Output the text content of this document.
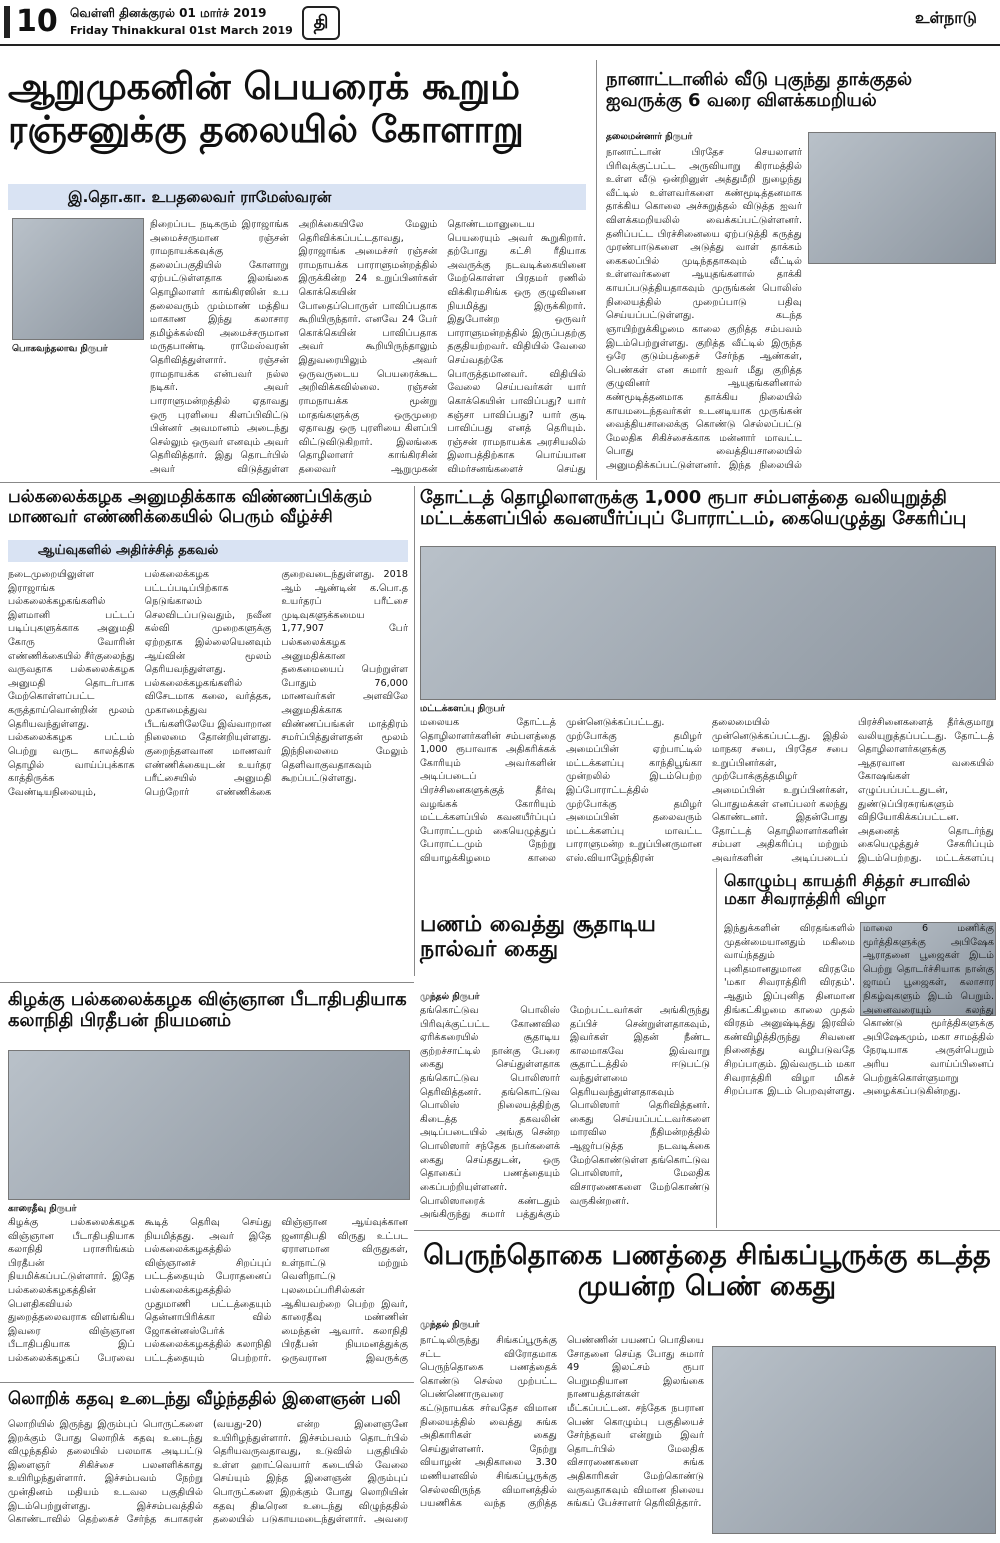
10 வெள்ளி தினக்குரல் 01 மார்ச் 2019
Friday Thinakkural 01st March 2019	தி	உள்நாடு
ஆறுமுகனின் பெயரைக் கூறும் ரஞ்சனுக்கு தலையில் கோளாறு
இ.தொ.கா. உபதலைவர் ராமேஸ்வரன்
பொகவந்தலாவ நிருபர்
நிறைப்பட நடிகரும் இராஜாங்க அமைச்சருமான ரஞ்சன் ராமநாயக்கவுக்கு தலைப்பகுதியில் கோளாறு ஏற்பட்டுள்ளதாக இலங்கை தொழிலாளர் காங்கிரஸின் உப தலைவரும் மும்மாண் மத்திய மாகாண இந்து கலாசார தமிழ்க்கல்வி அமைச்சருமான மருதபாண்டி ராமேஸ்வரன் தெரிவித்துள்ளார். ரஞ்சன் ராமநாயக்க என்பவர் நல்ல நடிகர். அவர் பாராளுமன்றத்தில் ஏதாவது ஒரு புரளியை கிளப்பிவிட்டு பின்னர் அவமானம் அடைந்து செல்லும் ஒருவர் எனவும் அவர் தெரிவித்தார். இது தொடர்பில் அவர் விடுத்துள்ள அறிக்கையிலே மேலும் தெரிவிக்கப்பட்டதாவது, இராஜாங்க அமைச்சர் ரஞ்சன் ராமநாயக்க பாராளுமன்றத்தில் இருக்கின்ற 24 உறுப்பினர்கள் கொக்கெயின் போதைப்பொருள் பாவிப்பதாக கூறியிருந்தார். எனவே 24 பேர் கொக்கெயின் பாவிப்பதாக அவர் கூறியிருந்தாலும் இதுவரையிலும் அவர் ஒருவருடைய பெயரைக்கூட அறிவிக்கவில்லை. ரஞ்சன் ராமநாயக்க மூன்று மாதங்களுக்கு ஒருமுறை ஏதாவது ஒரு புரளியை கிளப்பி விட்டுவிடுகிறார். இலங்கை தொழிலாளர் காங்கிரசின் தலைவர் ஆறுமுகன் தொண்டமானுடைய பெயரையும் அவர் கூறுகிறார். தற்போது கட்சி ரீதியாக அவருக்கு நடவடிக்கையினை மேற்கொள்ள பிரதமர் ரணில் விக்கிரமசிங்க ஒரு குழுவினை நியமித்து இருக்கிறார். இதுபோன்ற ஒருவர் பாராளுமன்றத்தில் இருப்பதற்கு தகுதியற்றவர். விதியில் வேலை செய்வதற்கே பொருத்தமானவர். விதியில் வேலை செய்பவர்கள் யார் கொக்கெயின் பாவிப்பது? யார் கஞ்சா பாவிப்பது? யார் குடி பாவிப்பது எனத் தெரியும். ரஞ்சன் ராமநாயக்க அரசியலில் இலாபத்திற்காக பொய்யான விமர்சனங்களைச் செய்து
நானாட்டானில் வீடு புகுந்து தாக்குதல் ஐவருக்கு 6 வரை விளக்கமறியல்
தலைமன்னார் நிருபர்
நானாட்டான் பிரதேச செயலாளர் பிரிவுக்குட்பட்ட அருவியாறு கிராமத்தில் உள்ள வீடு ஒன்றினுள் அத்துமீறி நுழைந்து வீட்டில் உள்ளவர்களை கண்மூடித்தனமாக தாக்கிய கொலை அச்சுறுத்தல் விடுத்த ஐவர் விளக்கமறியலில் வைக்கப்பட்டுள்ளனர். தனிப்பட்ட பிரச்சினையை ஏற்படுத்தி கருத்து முரண்பாடுகளை அடுத்து வாள் தாக்கம் கைகலப்பில் முடிந்ததாகவும் வீட்டில் உள்ளவர்களை ஆயுதங்களால் தாக்கி காயப்படுத்தியதாகவும் முருங்கன் பொலிஸ் நிலையத்தில் முறைப்பாடு பதிவு செய்யப்பட்டுள்ளது. கடந்த ஞாயிற்றுக்கிழமை காலை குறித்த சம்பவம் இடம்பெற்றுள்ளது. குறித்த வீட்டில் இருந்த ஒரே குடும்பத்தைச் சேர்ந்த ஆண்கள், பெண்கள் என சுமார் ஐவர் மீது குறித்த குழுவினர் ஆயுதங்களினால் கண்மூடித்தனமாக தாக்கிய நிலையில் காயமடைந்தவர்கள் உடனடியாக முருங்கன் வைத்தியசாலைக்கு கொண்டு செல்லப்பட்டு மேலதிக சிகிச்சைக்காக மன்னார் மாவட்ட பொது வைத்தியசாலையில் அனுமதிக்கப்பட்டுள்ளனர். இந்த நிலையில்
பல்கலைக்கழக அனுமதிக்காக விண்ணப்பிக்கும் மாணவர் எண்ணிக்கையில் பெரும் வீழ்ச்சி
ஆய்வுகளில் அதிர்ச்சித் தகவல்
நடைமுறையிலுள்ள இராஜாங்க பல்கலைக்கழகங்களில் இளமானி பட்டப் படிப்புகளுக்காக அனுமதி கோரு வோரின் எண்ணிக்கையில் சீர்குலைந்து வருவதாக பல்கலைக்கழக அனுமதி தொடர்பாக மேற்கொள்ளப்பட்ட கருத்தாய்வொன்றின் மூலம் தெரியவந்துள்ளது. பல்கலைக்கழக பட்டம் பெற்று வருட காலத்தில் தொழில் வாய்ப்புக்காக காத்திருக்க வேண்டியநிலையும், பல்கலைக்கழக பட்டப்படிப்பிற்காக நெடுங்காலம் செலவிடப்படுவதும், நவீன கல்வி முறைகளுக்கு ஏற்றதாக இல்லையெனவும் ஆய்வின் மூலம் தெரியவந்துள்ளது. பல்கலைக்கழகங்களில் விசேடமாக கலை, வர்த்தக, முகாமைத்துவ பீடங்களிலேயே இவ்வாறான நிலைமை தோன்றியுள்ளது. குறைந்தளவான மாணவர் எண்ணிக்கையுடன் உயர்தர பரீட்சையில் அனுமதி பெற்றோர் எண்ணிக்கை குறைவடைந்துள்ளது. 2018 ஆம் ஆண்டின் க.பொ.த உயர்தரப் பரீட்சை முடிவுகளுக்கமைய 1,77,907 பேர் பல்கலைக்கழக அனுமதிக்கான தகைமையைப் பெற்றுள்ள போதும் 76,000 மாணவர்கள் அளவிலே அனுமதிக்காக விண்ணப்பங்கள் மாத்திரம் சமர்ப்பித்துள்ளதன் மூலம் இந்நிலைமை மேலும் தெளிவாகுவதாகவும் கூறப்பட்டுள்ளது.
தோட்டத் தொழிலாளருக்கு 1,000 ரூபா சம்பளத்தை வலியுறுத்தி மட்டக்களப்பில் கவனயீர்ப்புப் போராட்டம், கையெழுத்து சேகரிப்பு
மட்டக்களப்பு நிருபர்
மலையக தோட்டத் தொழிலாளர்களின் சம்பளத்தை 1,000 ரூபாவாக அதிகரிக்கக் கோரியும் அவர்களின் அடிப்படைப் பிரச்சினைகளுக்குத் தீர்வு வழங்கக் கோரியும் மட்டக்களப்பில் கவனயீர்ப்புப் போராட்டமும் கையெழுத்துப் போராட்டமும் நேற்று வியாழக்கிழமை காலை முன்னெடுக்கப்பட்டது. முற்போக்கு தமிழர் அமைப்பின் ஏற்பாட்டில் மட்டக்களப்பு காந்திபூங்கா முன்றலில் இடம்பெற்ற இப்போராட்டத்தில் முற்போக்கு தமிழர் அமைப்பின் தலைவரும் மட்டக்களப்பு மாவட்ட பாராளுமன்ற உறுப்பினருமான எஸ்.வியாழேந்திரன் தலைமையில் முன்னெடுக்கப்பட்டது. இதில் மாநகர சபை, பிரதேச சபை உறுப்பினர்கள், முற்போக்குத்தமிழர் அமைப்பின் உறுப்பினர்கள், பொதுமக்கள் எனப்பலர் கலந்து கொண்டனர். இதன்போது தோட்டத் தொழிலாளர்களின் சம்பள அதிகரிப்பு மற்றும் அவர்களின் அடிப்படைப் பிரச்சினைகளைத் தீர்க்குமாறு வலியுறுத்தப்பட்டது. தோட்டத் தொழிலாளர்களுக்கு ஆதரவான வகையில் கோஷங்கள் எழுப்பப்பட்டதுடன், துண்டுப்பிரசுரங்களும் விநியோகிக்கப்பட்டன. அதனைத் தொடர்ந்து கையெழுத்துச் சேகரிப்பும் இடம்பெற்றது. மட்டக்களப்பு
பணம் வைத்து சூதாடிய நால்வர் கைது
முந்தல் நிருபர்
தங்கொட்டுவ பொலிஸ் பிரிவுக்குட்பட்ட கோணவில ஏரிக்கரையில் சூதாடிய குற்றச்சாட்டில் நான்கு பேரை கைது செய்துள்ளதாக தங்கொட்டுவ பொலிஸார் தெரிவித்தனர். தங்கொட்டுவ பொலிஸ் நிலையத்திற்கு கிடைத்த தகவலின் அடிப்படையில் அங்கு சென்ற பொலிஸார் சந்தேக நபர்களைக் கைது செய்ததுடன், ஒரு தொகைப் பணத்தையும் கைப்பற்றியுள்ளனர். பொலிஸாரைக் கண்டதும் அங்கிருந்து சுமார் பத்துக்கும் மேற்பட்டவர்கள் அங்கிருந்து தப்பிச் சென்றுள்ளதாகவும், இவர்கள் இதன் நீண்ட காலமாகவே இவ்வாறு சூதாட்டத்தில் ஈடுபட்டு வந்துள்ளமை தெரியவந்துள்ளதாகவும் பொலிஸார் தெரிவித்தனர். கைது செய்யப்பட்டவர்களை மாரவில நீதிமன்றத்தில் ஆஜர்படுத்த நடவடிக்கை மேற்கொண்டுள்ள தங்கொட்டுவ பொலிஸார், மேலதிக விசாரணைகளை மேற்கொண்டு வருகின்றனர்.
கொழும்பு காயத்ரி சித்தர் சபாவில் மகா சிவராத்திரி விழா
இந்துக்களின் விரதங்களில் முதன்மையானதும் மகிமை வாய்ந்ததும் புனிதமானதுமான விரதமே 'மகா சிவராத்திரி விரதம்'. ஆதும் இப்புனித தினமான திங்கட்கிழமை காலை முதல் விரதம் அனுஷ்டித்து இரவில் கண்விழித்திருந்து சிவனை நினைத்து வழிபடுவதே சிறப்பாகும். இவ்வருடம் மகா சிவராத்திரி விழா மிகச் சிறப்பாக இடம் பெறவுள்ளது. மாலை 6 மணிக்கு மூர்த்திகளுக்கு அபிஷேக ஆராதனை பூஜைகள் இடம் பெற்று தொடர்ச்சியாக நான்கு ஜாமப் பூஜைகள், கலாசார நிகழ்வுகளும் இடம் பெறும். அனைவரையும் கலந்து கொண்டு மூர்த்திகளுக்கு அபிஷேகமும், மகா சாமத்தில் நேரடியாக அருள்பெறும் அரிய வாய்ப்பினைப் பெற்றுக்கொள்ளுமாறு அழைக்கப்படுகின்றது.
கிழக்கு பல்கலைக்கழக விஞ்ஞான பீடாதிபதியாக கலாநிதி பிரதீபன் நியமனம்
காரைதீவு நிருபர்
கிழக்கு பல்கலைக்கழக விஞ்ஞான பீடாதிபதியாக கலாநிதி பராசரிங்கம் பிரதீபன் நியமிக்கப்பட்டுள்ளார். இதே பல்கலைக்கழகத்தின் பௌதிகவியல் துறைத்தலைவராக விளங்கிய இவரை விஞ்ஞான பீடாதிபதியாக இப் பல்கலைக்கழகப் பேரவை கூடித் தெரிவு செய்து நியமித்தது. அவர் இதே பல்கலைக்கழகத்தில் விஞ்ஞானச் சிறப்புப் பட்டத்தையும் பேராதனைப் பல்கலைக்கழகத்தில் முதுமாணி பட்டத்தையும் தென்னாபிரிக்கா வில் ஜோகன்னஸ்பேர்க் பல்கலைக்கழகத்தில் கலாநிதி பட்டத்தையும் பெற்றார். விஞ்ஞான ஆய்வுக்கான ஜனாதிபதி விருது உட்பட ஏராளமான விருதுகள், உள்நாட்டு மற்றும் வெளிநாட்டு புலமைப்பரிசில்கள் ஆகியவற்றை பெற்ற இவர், காரைதீவு மண்ணின் மைந்தன் ஆவார். கலாநிதி பிரதீபன் நியமனத்துக்கு ஒருவரான இவருக்கு
லொறிக் கதவு உடைந்து வீழ்ந்ததில் இளைஞன் பலி
லொறியில் இருந்து இரும்புப் பொருட்களை இறக்கும் போது லொறிக் கதவு உடைந்து விழுந்ததில் தலையில் பலமாக அடிபட்டு இளைஞர் சிகிச்சை பலனளிக்காது உயிரிழந்துள்ளார். இச்சம்பவம் நேற்று முன்தினம் மதியம் உடவல பகுதியில் இடம்பெற்றுள்ளது. இச்சம்பவத்தில் கொண்டாவில் தெற்கைச் சேர்ந்த சுபாகரன் (வயது-20) என்ற இளைஞனே உயிரிழந்துள்ளார். இச்சம்பவம் தொடர்பில் தெரியவருவதாவது, உடுவில் பகுதியில் உள்ள ஹாட்வெயார் கடையில் வேலை செய்யும் இந்த இளைஞன் இரும்புப் பொருட்களை இறக்கும் போது லொறியின் கதவு திடீரென உடைந்து விழுந்ததில் தலையில் படுகாயமடைந்துள்ளார். அவரை
பெருந்தொகை பணத்தை சிங்கப்பூருக்கு கடத்த முயன்ற பெண் கைது
முந்தல் நிருபர்
நாட்டிலிருந்து சிங்கப்பூருக்கு சட்ட விரோதமாக பெருந்தொகை பணத்தைக் கொண்டு செல்ல முற்பட்ட பெண்ணொருவரை கட்டுநாயக்க சர்வதேச விமான நிலையத்தில் வைத்து சுங்க அதிகாரிகள் கைது செய்துள்ளனர். நேற்று வியாழன் அதிகாலை 3.30 மணியளவில் சிங்கப்பூருக்கு செல்லவிருந்த விமானத்தில் பயணிக்க வந்த குறித்த பெண்ணின் பயணப் பொதியை சோதனை செய்த போது சுமார் 49 இலட்சம் ரூபா பெறுமதியான இலங்கை நாணயத்தாள்கள் மீட்கப்பட்டன. சந்தேக நபரான பெண் கொழும்பு பகுதியைச் சேர்ந்தவர் என்றும் இவர் தொடர்பில் மேலதிக விசாரணைகளை சுங்க அதிகாரிகள் மேற்கொண்டு வருவதாகவும் விமான நிலைய சுங்கப் பேச்சாளர் தெரிவித்தார்.
